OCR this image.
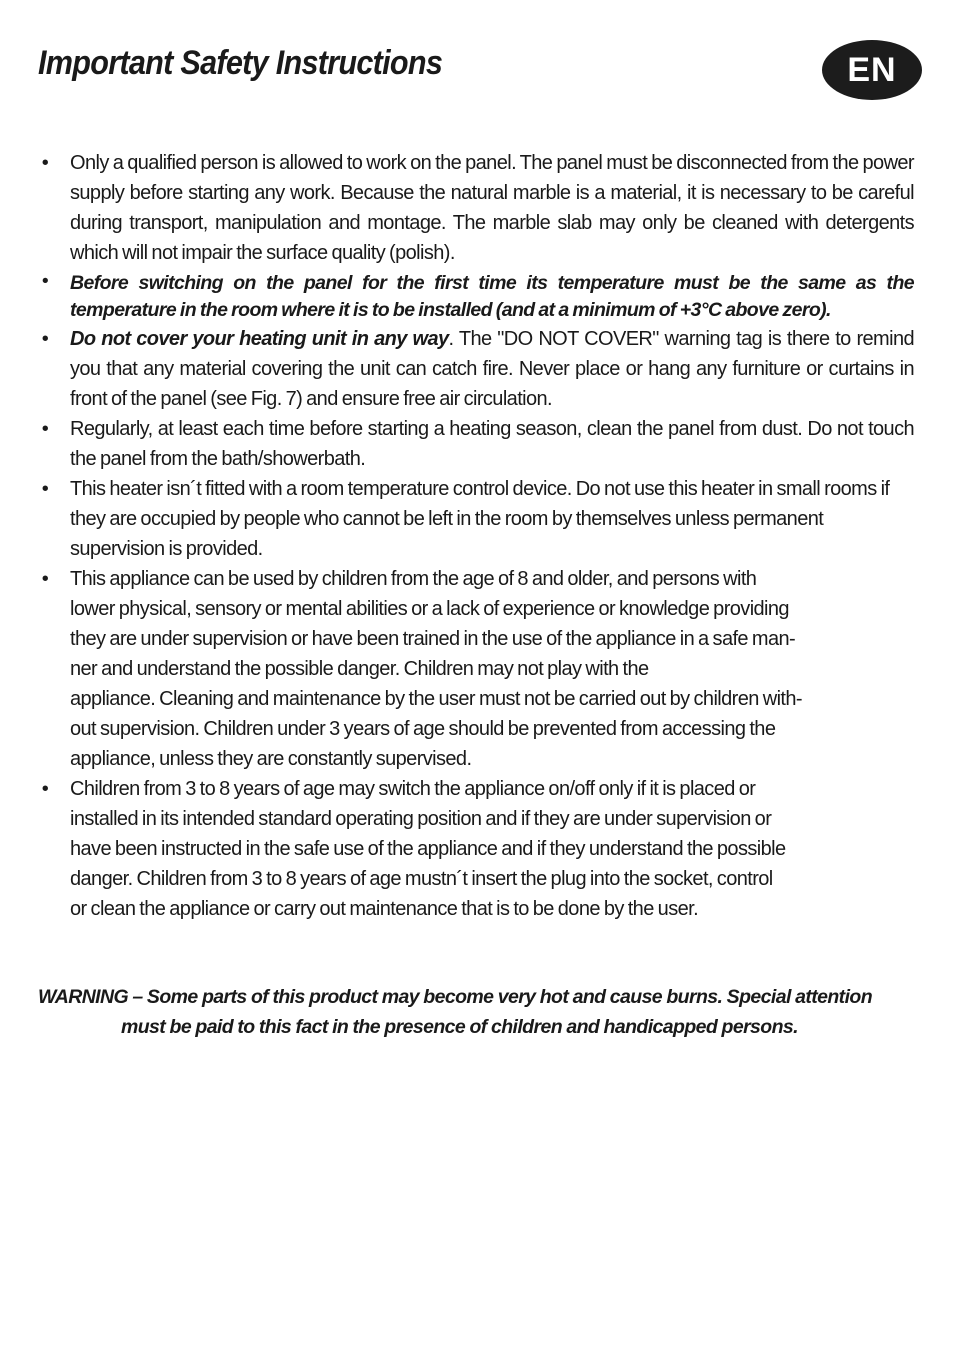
Important Safety Instructions	EN
• Only a qualified person is allowed to work on the panel. The panel must be disconnected from the power supply before starting any work. Because the natural marble is a material, it is necessary to be careful during transport, manipulation and montage. The marble slab may only be cleaned with detergents which will not impair the surface quality (polish).
• Before switching on the panel for the first time its temperature must be the same as the temperature in the room where it is to be installed (and at a minimum of +3°C above zero).
• Do not cover your heating unit in any way. The "DO NOT COVER" warning tag is there to remind you that any material covering the unit can catch fire. Never place or hang any furniture or curtains in front of the panel (see Fig. 7) and ensure free air circulation.
• Regularly, at least each time before starting a heating season, clean the panel from dust. Do not touch the panel from the bath/showerbath.
• This heater isn´t fitted with a room temperature control device. Do not use this heater in small rooms if they are occupied by people who cannot be left in the room by themselves unless permanent supervision is provided.
• This appliance can be used by children from the age of 8 and older, and persons with
lower physical, sensory or mental abilities or a lack of experience or knowledge providing
they are under supervision or have been trained in the use of the appliance in a safe man-
ner and understand the possible danger. Children may not play with the
appliance. Cleaning and maintenance by the user must not be carried out by children with-
out supervision. Children under 3 years of age should be prevented from accessing the
appliance, unless they are constantly supervised.
• Children from 3 to 8 years of age may switch the appliance on/off only if it is placed or
installed in its intended standard operating position and if they are under supervision or
have been instructed in the safe use of the appliance and if they understand the possible
danger. Children from 3 to 8 years of age mustn´t insert the plug into the socket, control
or clean the appliance or carry out maintenance that is to be done by the user.

WARNING – Some parts of this product may become very hot and cause burns. Special attention must be paid to this fact in the presence of children and handicapped persons.
